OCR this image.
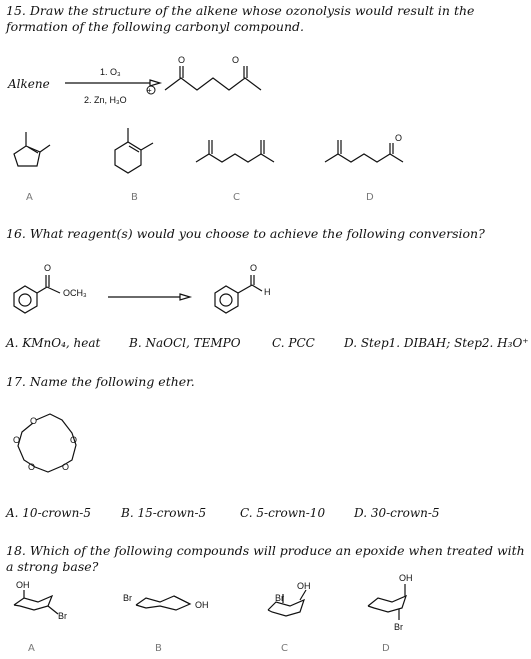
15. Draw the structure of the alkene whose ozonolysis would result in the formation of the following carbonyl compound.
Alkene
1. O₃
2. Zn, H₃O
+
O	O
O
A	B	C	D
16. What reagent(s) would you choose to achieve the following conversion?
OCH₃
O	O
H
A. KMnO₄, heat B. NaOCl, TEMPO	C. PCC D. Step1. DIBAH; Step2. H₃O⁺
17. Name the following ether.
A. 10-crown-5	B. 15-crown-5	C. 5-crown-10 D. 30-crown-5
O
O
O
O	O
18. Which of the following compounds will produce an epoxide when treated with a strong base?
OH
Br
Br
OH
Br
OH
OH
Br
A	B	C	D
